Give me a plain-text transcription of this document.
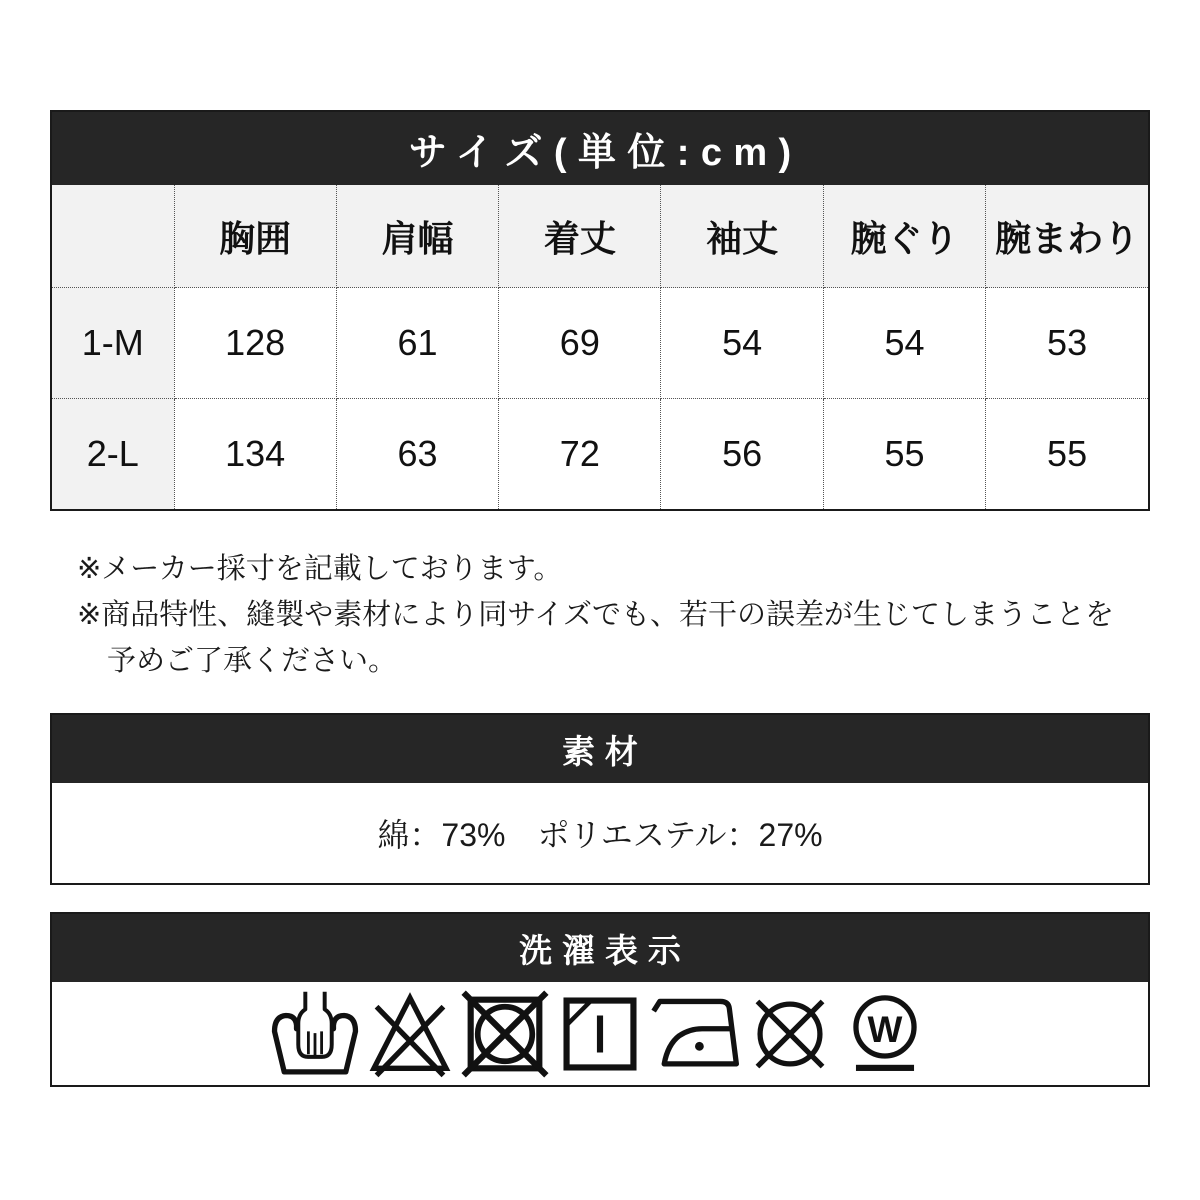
サイズ(単位:cm)
	胸囲	肩幅	着丈	袖丈	腕ぐり	腕まわり
1-M	128	61	69	54	54	53
2-L	134	63	72	56	55	55

※メーカー採寸を記載しております。

※商品特性、縫製や素材により同サイズでも、若干の誤差が生じてしまうことを

予めご了承ください。

素材
綿：73%　ポリエステル：27%
洗濯表示
W
